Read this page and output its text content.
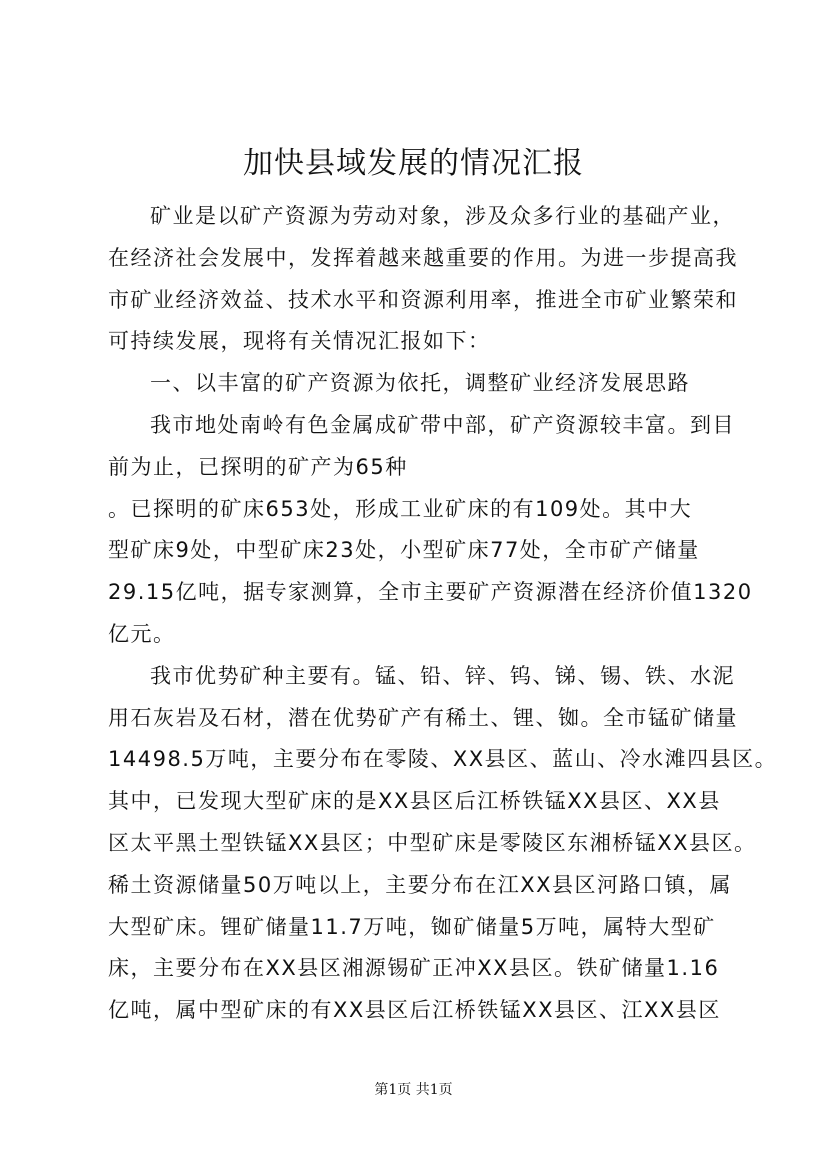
加快县域发展的情况汇报
矿业是以矿产资源为劳动对象，涉及众多行业的基础产业，
在经济社会发展中，发挥着越来越重要的作用。为进一步提高我
市矿业经济效益、技术水平和资源利用率，推进全市矿业繁荣和
可持续发展，现将有关情况汇报如下：
一、以丰富的矿产资源为依托，调整矿业经济发展思路
我市地处南岭有色金属成矿带中部，矿产资源较丰富。到目
前为止，已探明的矿产为65种
。已探明的矿床653处，形成工业矿床的有109处。其中大
型矿床9处，中型矿床23处，小型矿床77处，全市矿产储量
29.15亿吨，据专家测算，全市主要矿产资源潜在经济价值1320
亿元。
我市优势矿种主要有。锰、铅、锌、钨、锑、锡、铁、水泥
用石灰岩及石材，潜在优势矿产有稀土、锂、铷。全市锰矿储量
14498.5万吨，主要分布在零陵、XX县区、蓝山、冷水滩四县区。
其中，已发现大型矿床的是XX县区后江桥铁锰XX县区、XX县
区太平黑土型铁锰XX县区；中型矿床是零陵区东湘桥锰XX县区。
稀土资源储量50万吨以上，主要分布在江XX县区河路口镇，属
大型矿床。锂矿储量11.7万吨，铷矿储量5万吨，属特大型矿
床，主要分布在XX县区湘源锡矿正冲XX县区。铁矿储量1.16
亿吨，属中型矿床的有XX县区后江桥铁锰XX县区、江XX县区
第1页 共1页
